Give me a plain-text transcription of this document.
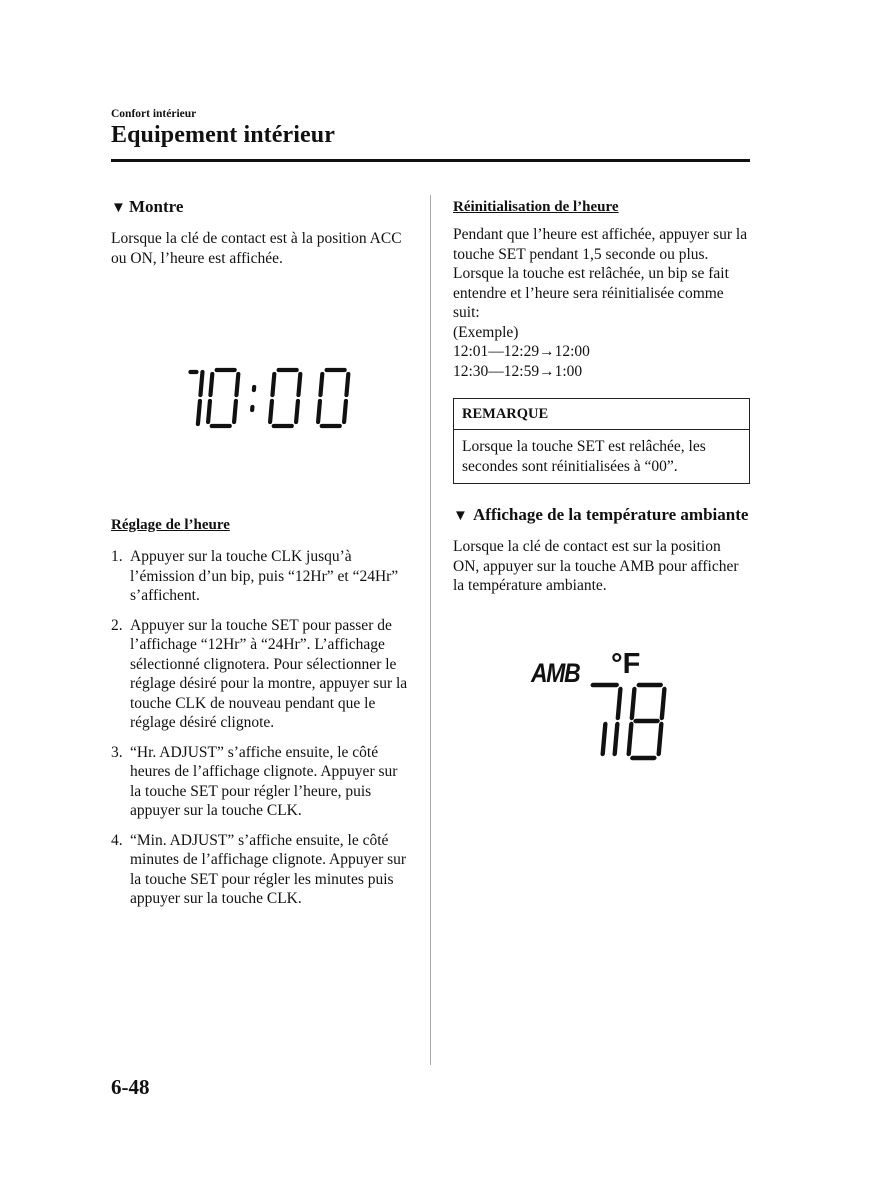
Confort intérieur
Equipement intérieur
▼ Montre
Lorsque la clé de contact est à la position ACC ou ON, l’heure est affichée.
Réglage de l’heure
1. Appuyer sur la touche CLK jusqu’à l’émission d’un bip, puis “12Hr” et “24Hr” s’affichent.
2. Appuyer sur la touche SET pour passer de l’affichage “12Hr” à “24Hr”. L’affichage sélectionné clignotera. Pour sélectionner le réglage désiré pour la montre, appuyer sur la touche CLK de nouveau pendant que le réglage désiré clignote.
3. “Hr. ADJUST” s’affiche ensuite, le côté heures de l’affichage clignote. Appuyer sur la touche SET pour régler l’heure, puis appuyer sur la touche CLK.
4. “Min. ADJUST” s’affiche ensuite, le côté minutes de l’affichage clignote. Appuyer sur la touche SET pour régler les minutes puis appuyer sur la touche CLK.
Réinitialisation de l’heure
Pendant que l’heure est affichée, appuyer sur la touche SET pendant 1,5 seconde ou plus. Lorsque la touche est relâchée, un bip se fait entendre et l’heure sera réinitialisée comme suit:
(Exemple)
12:01―12:29→12:00
12:30―12:59→1:00
REMARQUE
Lorsque la touche SET est relâchée, les secondes sont réinitialisées à “00”.
▼ Affichage de la température ambiante
Lorsque la clé de contact est sur la position ON, appuyer sur la touche AMB pour afficher la température ambiante.
AMB °F
6-48
